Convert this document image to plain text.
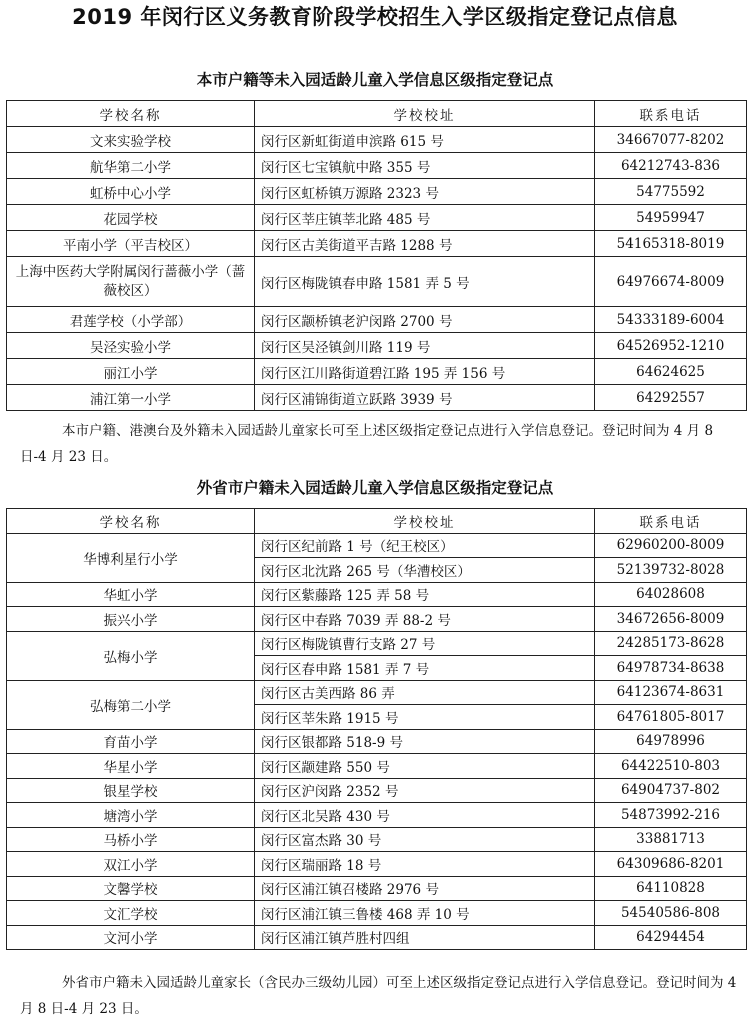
2019 年闵行区义务教育阶段学校招生入学区级指定登记点信息
本市户籍等未入园适龄儿童入学信息区级指定登记点
学校名称	学校校址	联系电话
文来实验学校	闵行区新虹街道申滨路 615 号	34667077-8202
航华第二小学	闵行区七宝镇航中路 355 号	64212743-836
虹桥中心小学	闵行区虹桥镇万源路 2323 号	54775592
花园学校	闵行区莘庄镇莘北路 485 号	54959947
平南小学（平吉校区）	闵行区古美街道平吉路 1288 号	54165318-8019
上海中医药大学附属闵行蔷薇小学（蔷薇校区）	闵行区梅陇镇春申路 1581 弄 5 号	64976674-8009
君莲学校（小学部）	闵行区颛桥镇老沪闵路 2700 号	54333189-6004
吴泾实验小学	闵行区吴泾镇剑川路 119 号	64526952-1210
丽江小学	闵行区江川路街道碧江路 195 弄 156 号	64624625
浦江第一小学	闵行区浦锦街道立跃路 3939 号	64292557
本市户籍、港澳台及外籍未入园适龄儿童家长可至上述区级指定登记点进行入学信息登记。登记时间为 4 月 8 日-4 月 23 日。
外省市户籍未入园适龄儿童入学信息区级指定登记点
学校名称	学校校址	联系电话
华博利星行小学	闵行区纪前路 1 号（纪王校区）	62960200-8009
	闵行区北沈路 265 号（华漕校区）	52139732-8028
华虹小学	闵行区紫藤路 125 弄 58 号	64028608
振兴小学	闵行区中春路 7039 弄 88-2 号	34672656-8009
弘梅小学	闵行区梅陇镇曹行支路 27 号	24285173-8628
	闵行区春申路 1581 弄 7 号	64978734-8638
弘梅第二小学	闵行区古美西路 86 弄	64123674-8631
	闵行区莘朱路 1915 号	64761805-8017
育苗小学	闵行区银都路 518-9 号	64978996
华星小学	闵行区颛建路 550 号	64422510-803
银星学校	闵行区沪闵路 2352 号	64904737-802
塘湾小学	闵行区北吴路 430 号	54873992-216
马桥小学	闵行区富杰路 30 号	33881713
双江小学	闵行区瑞丽路 18 号	64309686-8201
文馨学校	闵行区浦江镇召楼路 2976 号	64110828
文汇学校	闵行区浦江镇三鲁楼 468 弄 10 号	54540586-808
文河小学	闵行区浦江镇芦胜村四组	64294454
外省市户籍未入园适龄儿童家长（含民办三级幼儿园）可至上述区级指定登记点进行入学信息登记。登记时间为 4 月 8 日-4 月 23 日。
